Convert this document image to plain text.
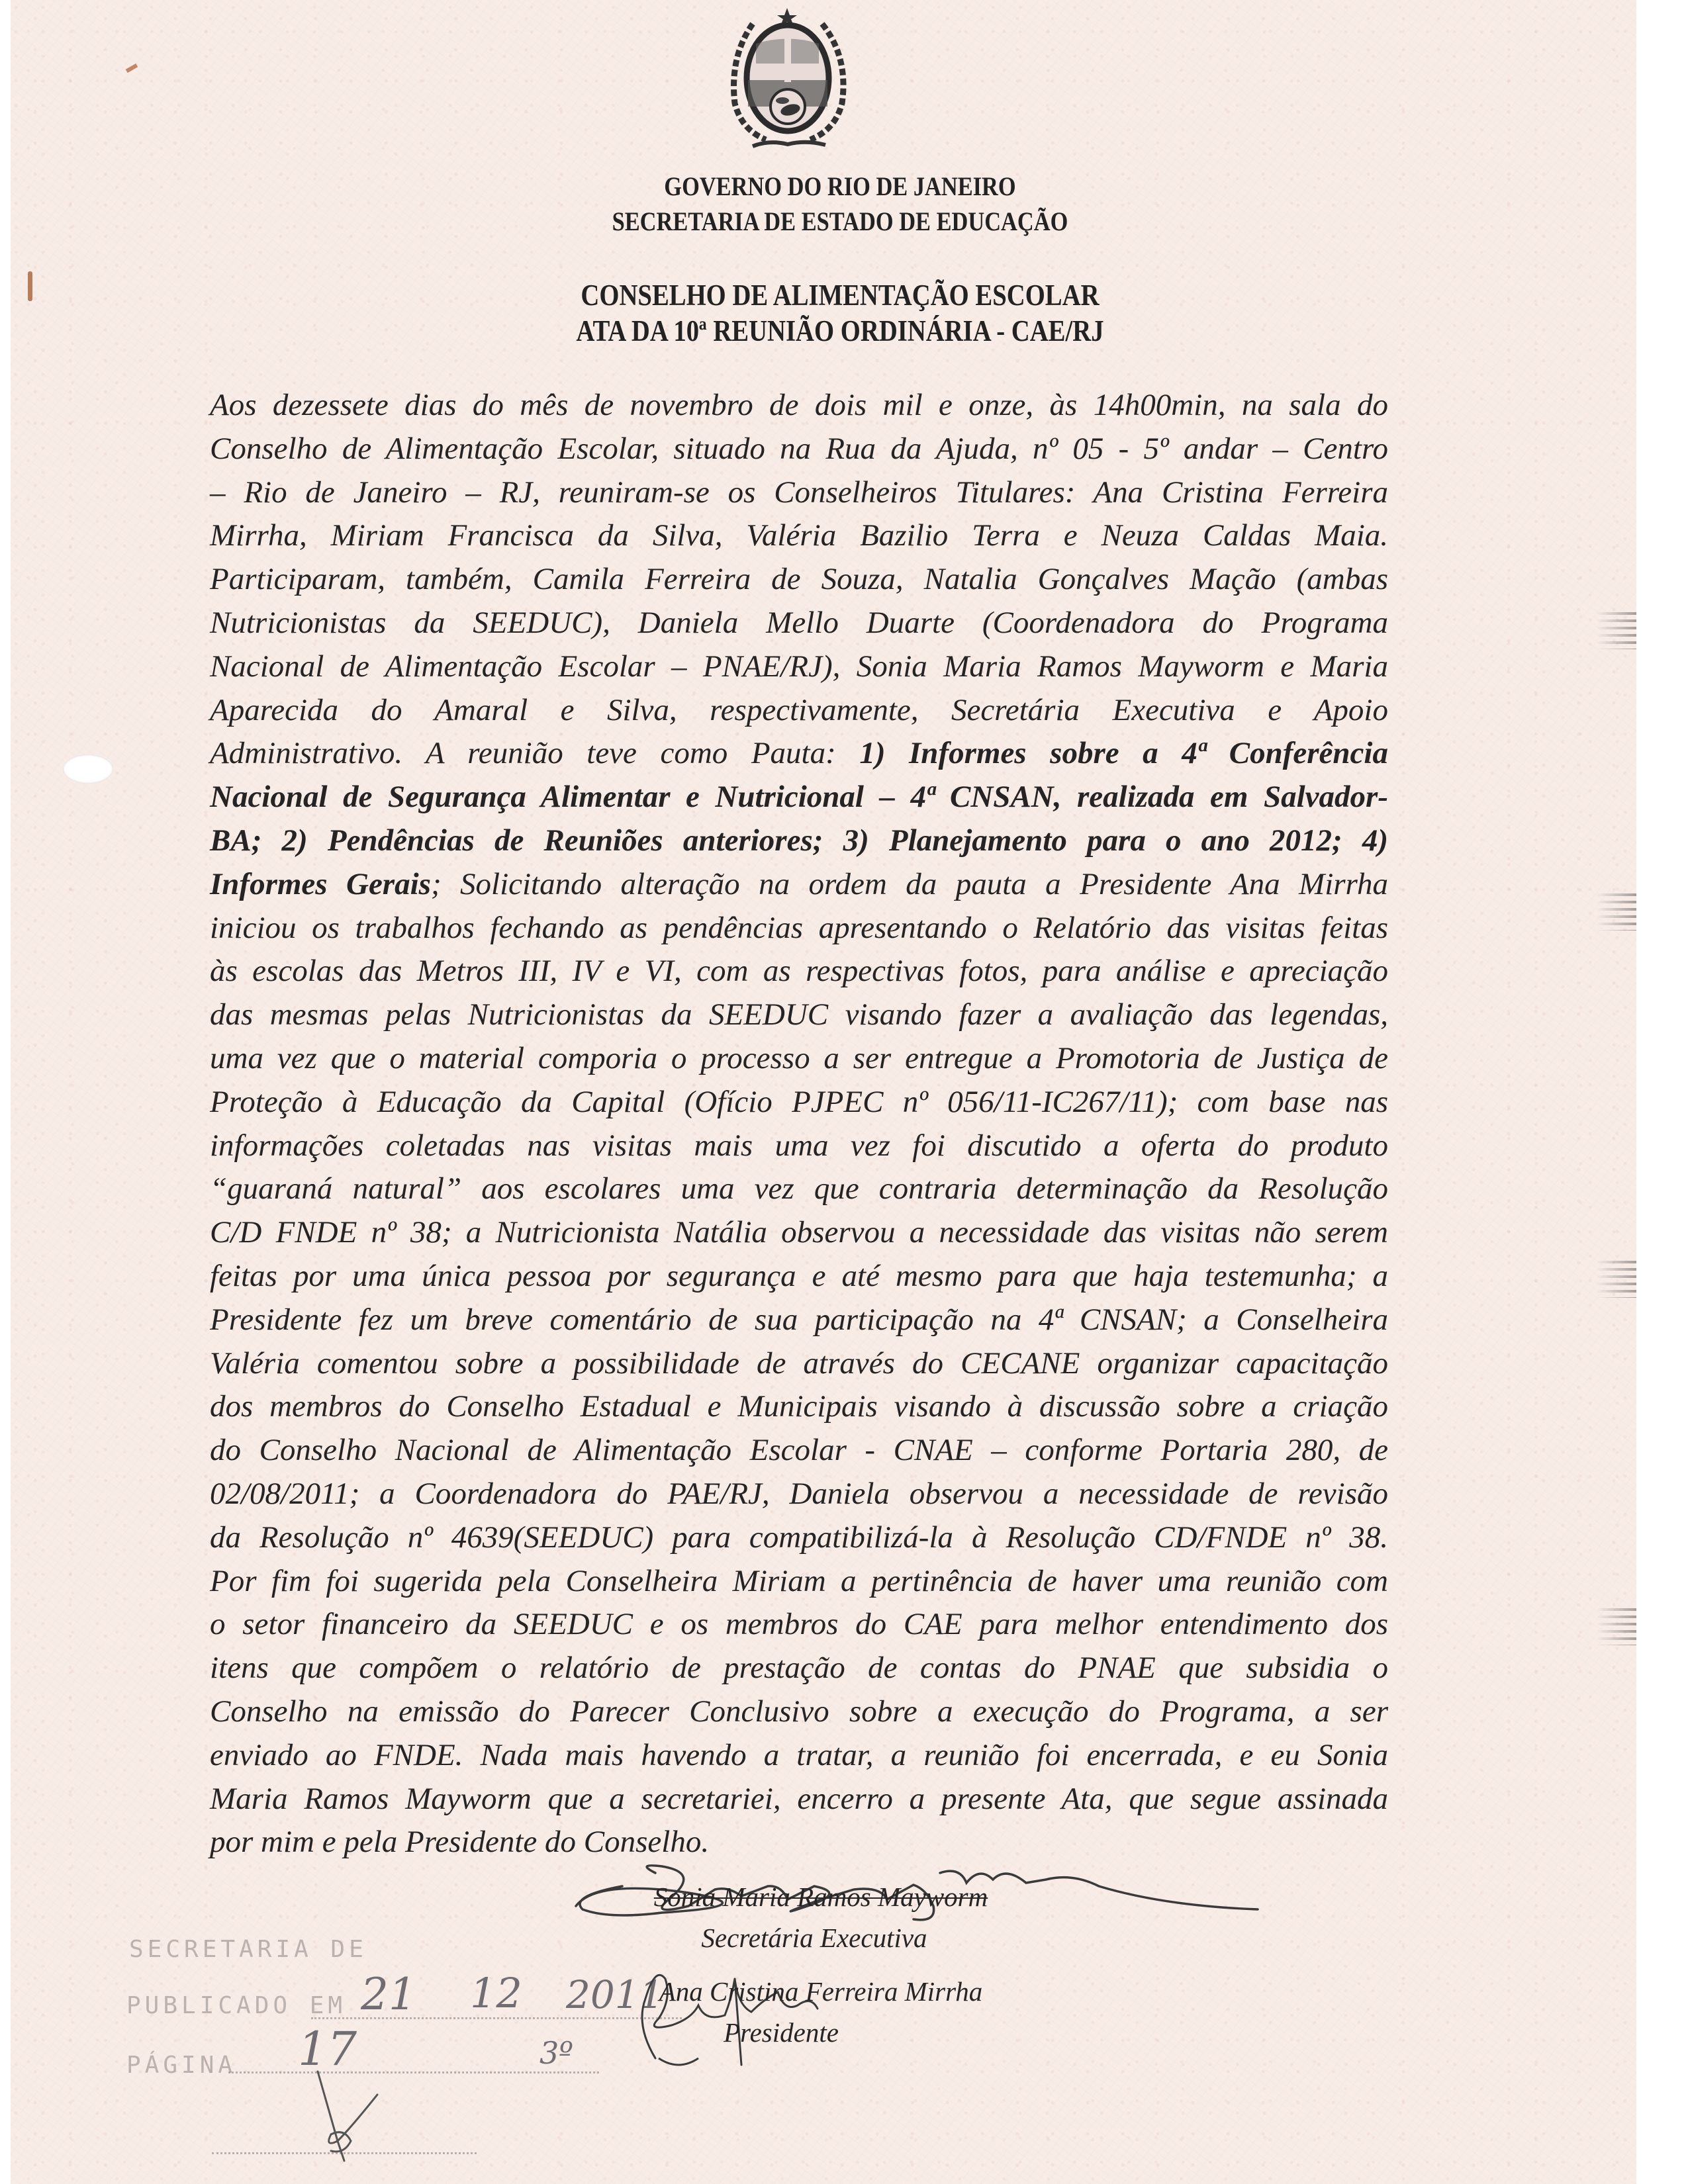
GOVERNO DO RIO DE JANEIRO
SECRETARIA DE ESTADO DE EDUCAÇÃO
CONSELHO DE ALIMENTAÇÃO ESCOLAR
ATA DA 10ª REUNIÃO ORDINÁRIA - CAE/RJ
Aos dezessete dias do mês de novembro de dois mil e onze, às 14h00min, na sala do
Conselho de Alimentação Escolar, situado na Rua da Ajuda, nº 05 - 5º andar – Centro
– Rio de Janeiro – RJ, reuniram-se os Conselheiros Titulares: Ana Cristina Ferreira
Mirrha, Miriam Francisca da Silva, Valéria Bazilio Terra e Neuza Caldas Maia.
Participaram, também, Camila Ferreira de Souza, Natalia Gonçalves Mação (ambas
Nutricionistas da SEEDUC), Daniela Mello Duarte (Coordenadora do Programa
Nacional de Alimentação Escolar – PNAE/RJ), Sonia Maria Ramos Mayworm e Maria
Aparecida do Amaral e Silva, respectivamente, Secretária Executiva e Apoio
Administrativo. A reunião teve como Pauta: 1) Informes sobre a 4ª Conferência
Nacional de Segurança Alimentar e Nutricional – 4ª CNSAN, realizada em Salvador-
BA; 2) Pendências de Reuniões anteriores; 3) Planejamento para o ano 2012; 4)
Informes Gerais; Solicitando alteração na ordem da pauta a Presidente Ana Mirrha
iniciou os trabalhos fechando as pendências apresentando o Relatório das visitas feitas
às escolas das Metros III, IV e VI, com as respectivas fotos, para análise e apreciação
das mesmas pelas Nutricionistas da SEEDUC visando fazer a avaliação das legendas,
uma vez que o material comporia o processo a ser entregue a Promotoria de Justiça de
Proteção à Educação da Capital (Ofício PJPEC nº 056/11-IC267/11); com base nas
informações coletadas nas visitas mais uma vez foi discutido a oferta do produto
“guaraná natural” aos escolares uma vez que contraria determinação da Resolução
C/D FNDE nº 38; a Nutricionista Natália observou a necessidade das visitas não serem
feitas por uma única pessoa por segurança e até mesmo para que haja testemunha; a
Presidente fez um breve comentário de sua participação na 4ª CNSAN; a Conselheira
Valéria comentou sobre a possibilidade de através do CECANE organizar capacitação
dos membros do Conselho Estadual e Municipais visando à discussão sobre a criação
do Conselho Nacional de Alimentação Escolar - CNAE – conforme Portaria 280, de
02/08/2011; a Coordenadora do PAE/RJ, Daniela observou a necessidade de revisão
da Resolução nº 4639(SEEDUC) para compatibilizá-la à Resolução CD/FNDE nº 38.
Por fim foi sugerida pela Conselheira Miriam a pertinência de haver uma reunião com
o setor financeiro da SEEDUC e os membros do CAE para melhor entendimento dos
itens que compõem o relatório de prestação de contas do PNAE que subsidia o
Conselho na emissão do Parecer Conclusivo sobre a execução do Programa, a ser
enviado ao FNDE. Nada mais havendo a tratar, a reunião foi encerrada, e eu Sonia
Maria Ramos Mayworm que a secretariei, encerro a presente Ata, que segue assinada
por mim e pela Presidente do Conselho.
Sonia Maria Ramos Mayworm
Secretária Executiva
Ana Cristina Ferreira Mirrha
Presidente
SECRETARIA DE
PUBLICADO EM
PÁGINA
21 12 2011
17	3º
